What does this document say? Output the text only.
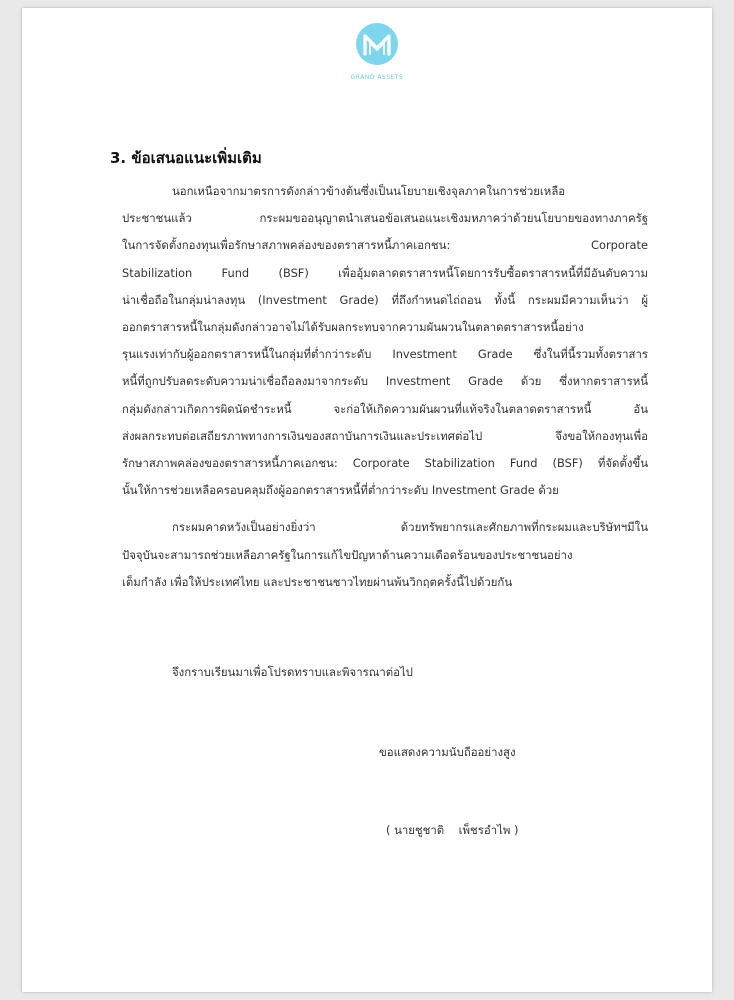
GRAND ASSETS
3. ข้อเสนอแนะเพิ่มเติม
นอกเหนือจากมาตรการดังกล่าวข้างต้นซึ่งเป็นนโยบายเชิงจุลภาคในการช่วยเหลือ
ประชาชนแล้ว กระผมขออนุญาตนำเสนอข้อเสนอแนะเชิงมหภาคว่าด้วยนโยบายของทางภาครัฐ
ในการจัดตั้งกองทุนเพื่อรักษาสภาพคล่องของตราสารหนี้ภาคเอกชน: Corporate
Stabilization Fund (BSF) เพื่ออุ้มตลาดตราสารหนี้โดยการรับซื้อตราสารหนี้ที่มีอันดับความ
น่าเชื่อถือในกลุ่มน่าลงทุน (Investment Grade) ที่ถึงกำหนดไถ่ถอน ทั้งนี้ กระผมมีความเห็นว่า ผู้
ออกตราสารหนี้ในกลุ่มดังกล่าวอาจไม่ได้รับผลกระทบจากความผันผวนในตลาดตราสารหนี้อย่าง
รุนแรงเท่ากับผู้ออกตราสารหนี้ในกลุ่มที่ต่ำกว่าระดับ Investment Grade ซึ่งในที่นี้รวมทั้งตราสาร
หนี้ที่ถูกปรับลดระดับความน่าเชื่อถือลงมาจากระดับ Investment Grade ด้วย ซึ่งหากตราสารหนี้
กลุ่มดังกล่าวเกิดการผิดนัดชำระหนี้ จะก่อให้เกิดความผันผวนที่แท้จริงในตลาดตราสารหนี้ อัน
ส่งผลกระทบต่อเสถียรภาพทางการเงินของสถาบันการเงินและประเทศต่อไป จึงขอให้กองทุนเพื่อ
รักษาสภาพคล่องของตราสารหนี้ภาคเอกชน: Corporate Stabilization Fund (BSF) ที่จัดตั้งขึ้น
นั้นให้การช่วยเหลือครอบคลุมถึงผู้ออกตราสารหนี้ที่ต่ำกว่าระดับ Investment Grade ด้วย
กระผมคาดหวังเป็นอย่างยิ่งว่า ด้วยทรัพยากรและศักยภาพที่กระผมและบริษัทฯมีใน
ปัจจุบันจะสามารถช่วยเหลือภาครัฐในการแก้ไขปัญหาด้านความเดือดร้อนของประชาชนอย่าง
เต็มกำลัง เพื่อให้ประเทศไทย และประชาชนชาวไทยผ่านพ้นวิกฤตครั้งนี้ไปด้วยกัน
จึงกราบเรียนมาเพื่อโปรดทราบและพิจารณาต่อไป
ขอแสดงความนับถืออย่างสูง
( นายชูชาติ    เพ็ชรอำไพ )
